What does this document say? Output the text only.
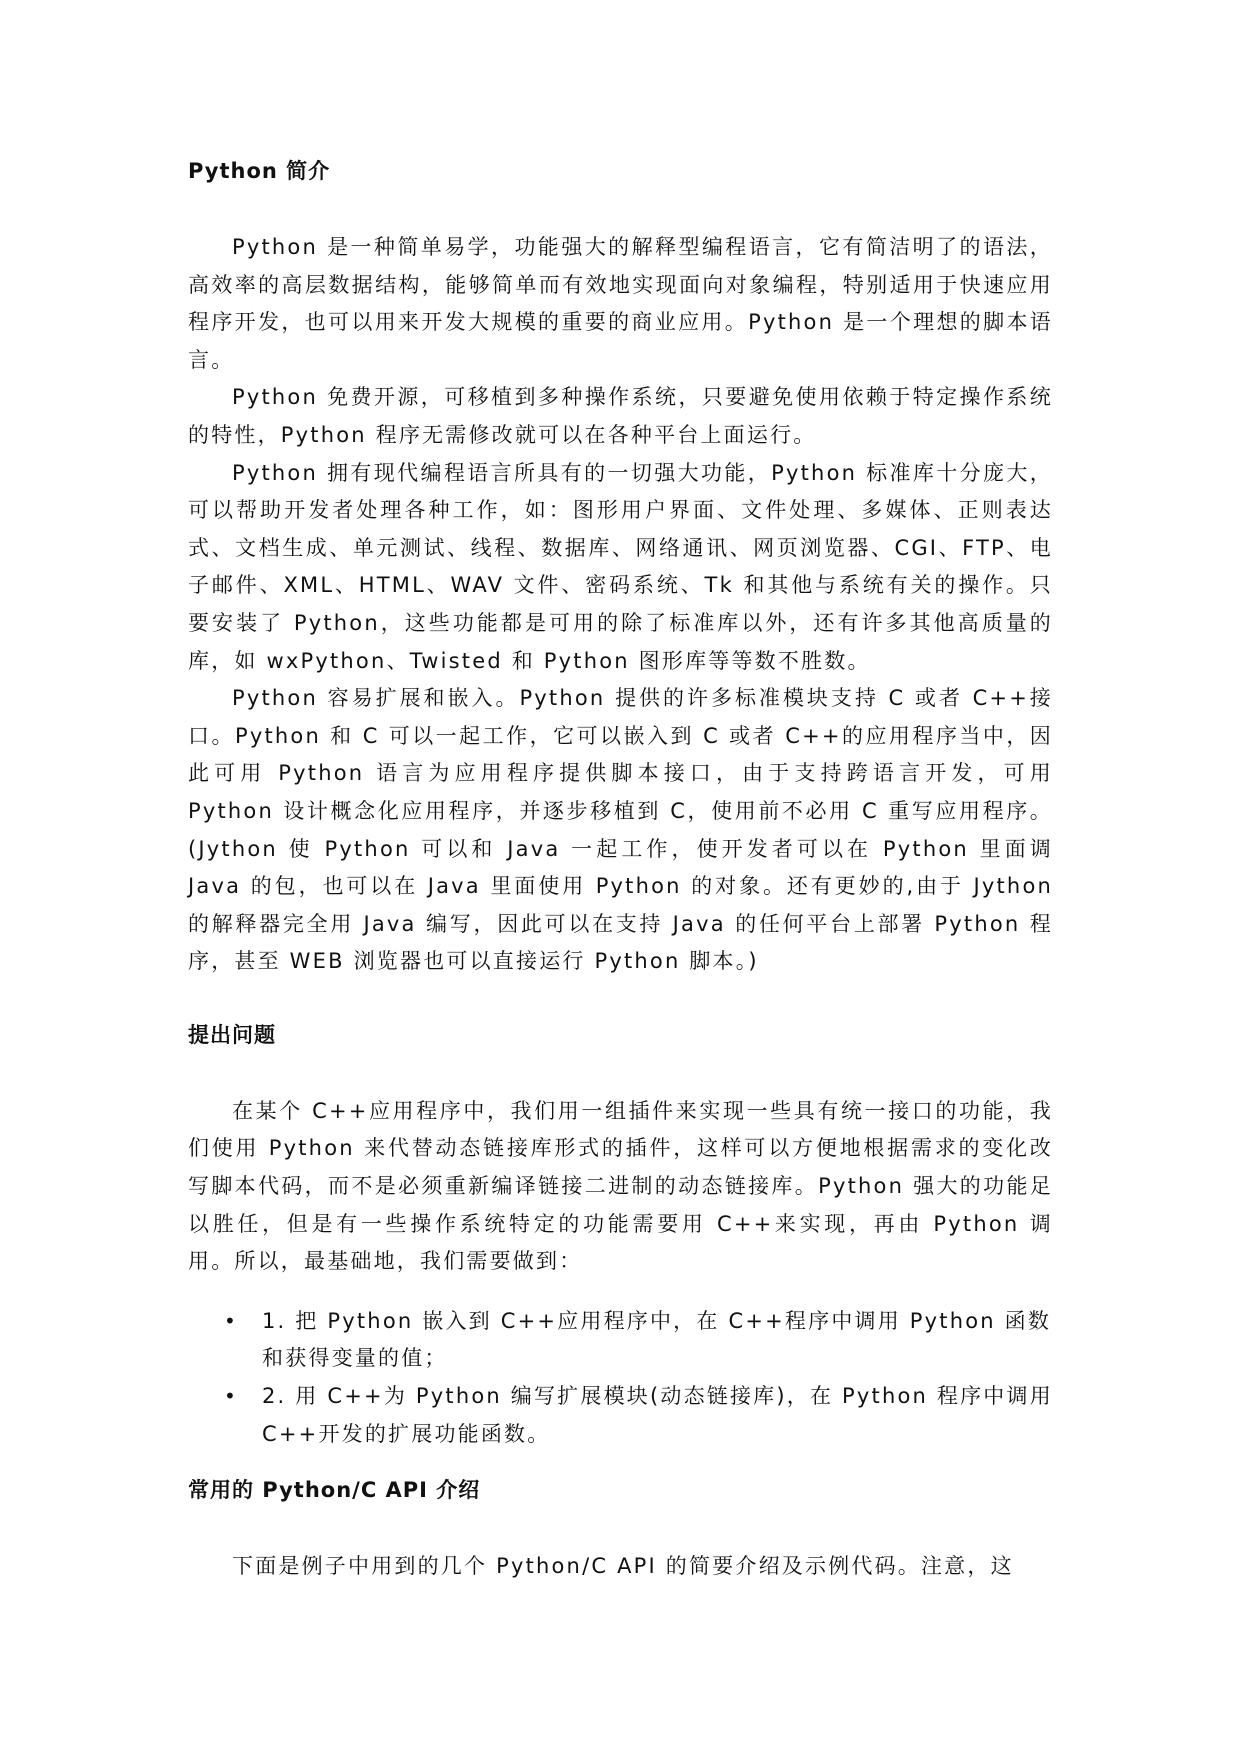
Python 简介

Python 是一种简单易学，功能强大的解释型编程语言，它有简洁明了的语法，高效率的高层数据结构，能够简单而有效地实现面向对象编程，特别适用于快速应用程序开发，也可以用来开发大规模的重要的商业应用。Python 是一个理想的脚本语言。

Python 免费开源，可移植到多种操作系统，只要避免使用依赖于特定操作系统的特性，Python 程序无需修改就可以在各种平台上面运行。

Python 拥有现代编程语言所具有的一切强大功能，Python 标准库十分庞大，可以帮助开发者处理各种工作，如：图形用户界面、文件处理、多媒体、正则表达式、文档生成、单元测试、线程、数据库、网络通讯、网页浏览器、CGI、FTP、电子邮件、XML、HTML、WAV 文件、密码系统、Tk 和其他与系统有关的操作。只要安装了 Python，这些功能都是可用的除了标准库以外，还有许多其他高质量的库，如 wxPython、Twisted 和 Python 图形库等等数不胜数。

Python 容易扩展和嵌入。Python 提供的许多标准模块支持 C 或者 C++接口。Python 和 C 可以一起工作，它可以嵌入到 C 或者 C++的应用程序当中，因此可用 Python 语言为应用程序提供脚本接口，由于支持跨语言开发，可用 Python 设计概念化应用程序，并逐步移植到 C，使用前不必用 C 重写应用程序。(Jython 使 Python 可以和 Java 一起工作，使开发者可以在 Python 里面调 Java 的包，也可以在 Java 里面使用 Python 的对象。还有更妙的,由于 Jython 的解释器完全用 Java 编写，因此可以在支持 Java 的任何平台上部署 Python 程序，甚至 WEB 浏览器也可以直接运行 Python 脚本。)

提出问题

在某个 C++应用程序中，我们用一组插件来实现一些具有统一接口的功能，我们使用 Python 来代替动态链接库形式的插件，这样可以方便地根据需求的变化改写脚本代码，而不是必须重新编译链接二进制的动态链接库。Python 强大的功能足以胜任，但是有一些操作系统特定的功能需要用 C++来实现，再由 Python 调用。所以，最基础地，我们需要做到：

• 1. 把 Python 嵌入到 C++应用程序中，在 C++程序中调用 Python 函数和获得变量的值；
• 2. 用 C++为 Python 编写扩展模块(动态链接库)，在 Python 程序中调用 C++开发的扩展功能函数。
常用的 Python/C API 介绍

下面是例子中用到的几个 Python/C API 的简要介绍及示例代码。注意，这
